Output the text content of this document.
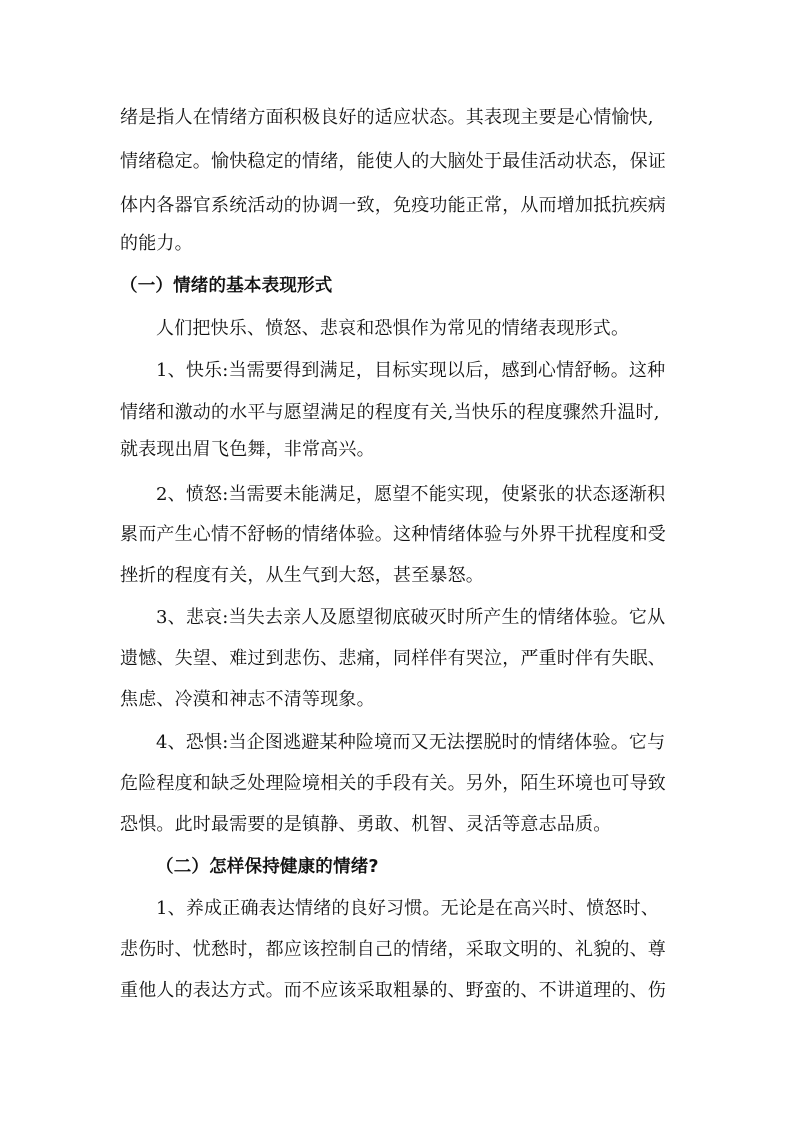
绪是指人在情绪方面积极良好的适应状态。其表现主要是心情愉快,
情绪稳定。愉快稳定的情绪，能使人的大脑处于最佳活动状态，保证
体内各器官系统活动的协调一致，免疫功能正常，从而增加抵抗疾病
的能力。
（一）情绪的基本表现形式
人们把快乐、愤怒、悲哀和恐惧作为常见的情绪表现形式。
1、快乐:当需要得到满足，目标实现以后，感到心情舒畅。这种
情绪和激动的水平与愿望满足的程度有关,当快乐的程度骤然升温时,
就表现出眉飞色舞，非常高兴。
2、愤怒:当需要未能满足，愿望不能实现，使紧张的状态逐渐积
累而产生心情不舒畅的情绪体验。这种情绪体验与外界干扰程度和受
挫折的程度有关，从生气到大怒，甚至暴怒。
3、悲哀:当失去亲人及愿望彻底破灭时所产生的情绪体验。它从
遗憾、失望、难过到悲伤、悲痛，同样伴有哭泣，严重时伴有失眠、
焦虑、冷漠和神志不清等现象。
4、恐惧:当企图逃避某种险境而又无法摆脱时的情绪体验。它与
危险程度和缺乏处理险境相关的手段有关。另外，陌生环境也可导致
恐惧。此时最需要的是镇静、勇敢、机智、灵活等意志品质。
（二）怎样保持健康的情绪?
1、养成正确表达情绪的良好习惯。无论是在高兴时、愤怒时、
悲伤时、忧愁时，都应该控制自己的情绪，采取文明的、礼貌的、尊
重他人的表达方式。而不应该采取粗暴的、野蛮的、不讲道理的、伤
